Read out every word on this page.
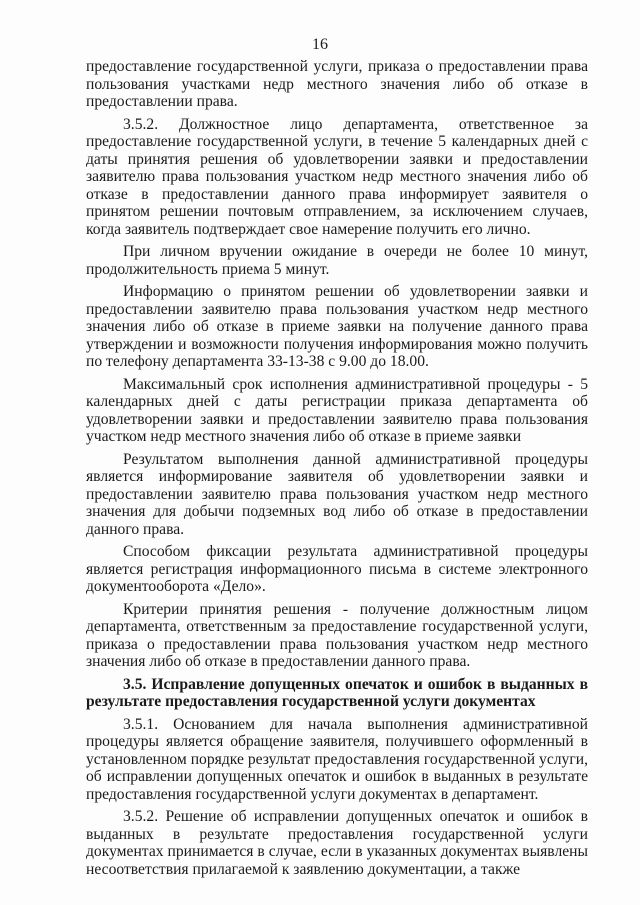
16

предоставление государственной услуги, приказа о предоставлении права пользования участками недр местного значения либо об отказе в предоставлении права.

3.5.2. Должностное лицо департамента, ответственное за предоставление государственной услуги, в течение 5 календарных дней с даты принятия решения об удовлетворении заявки и предоставлении заявителю права пользования участком недр местного значения либо об отказе в предоставлении данного права информирует заявителя о принятом решении почтовым отправлением, за исключением случаев, когда заявитель подтверждает свое намерение получить его лично.

При личном вручении ожидание в очереди не более 10 минут, продолжительность приема 5 минут.

Информацию о принятом решении об удовлетворении заявки и предоставлении заявителю права пользования участком недр местного значения либо об отказе в приеме заявки на получение данного права утверждении и возможности получения информирования можно получить по телефону департамента 33-13-38 с 9.00 до 18.00.

Максимальный срок исполнения административной процедуры - 5 календарных дней с даты регистрации приказа департамента об удовлетворении заявки и предоставлении заявителю права пользования участком недр местного значения либо об отказе в приеме заявки

Результатом выполнения данной административной процедуры является информирование заявителя об удовлетворении заявки и предоставлении заявителю права пользования участком недр местного значения для добычи подземных вод либо об отказе в предоставлении данного права.

Способом фиксации результата административной процедуры является регистрация информационного письма в системе электронного документооборота «Дело».

Критерии принятия решения - получение должностным лицом департамента, ответственным за предоставление государственной услуги, приказа о предоставлении права пользования участком недр местного значения либо об отказе в предоставлении данного права.

3.5. Исправление допущенных опечаток и ошибок в выданных в результате предоставления государственной услуги документах

3.5.1. Основанием для начала выполнения административной процедуры является обращение заявителя, получившего оформленный в установленном порядке результат предоставления государственной услуги, об исправлении допущенных опечаток и ошибок в выданных в результате предоставления государственной услуги документах в департамент.

3.5.2. Решение об исправлении допущенных опечаток и ошибок в выданных в результате предоставления государственной услуги документах принимается в случае, если в указанных документах выявлены несоответствия прилагаемой к заявлению документации, а также
